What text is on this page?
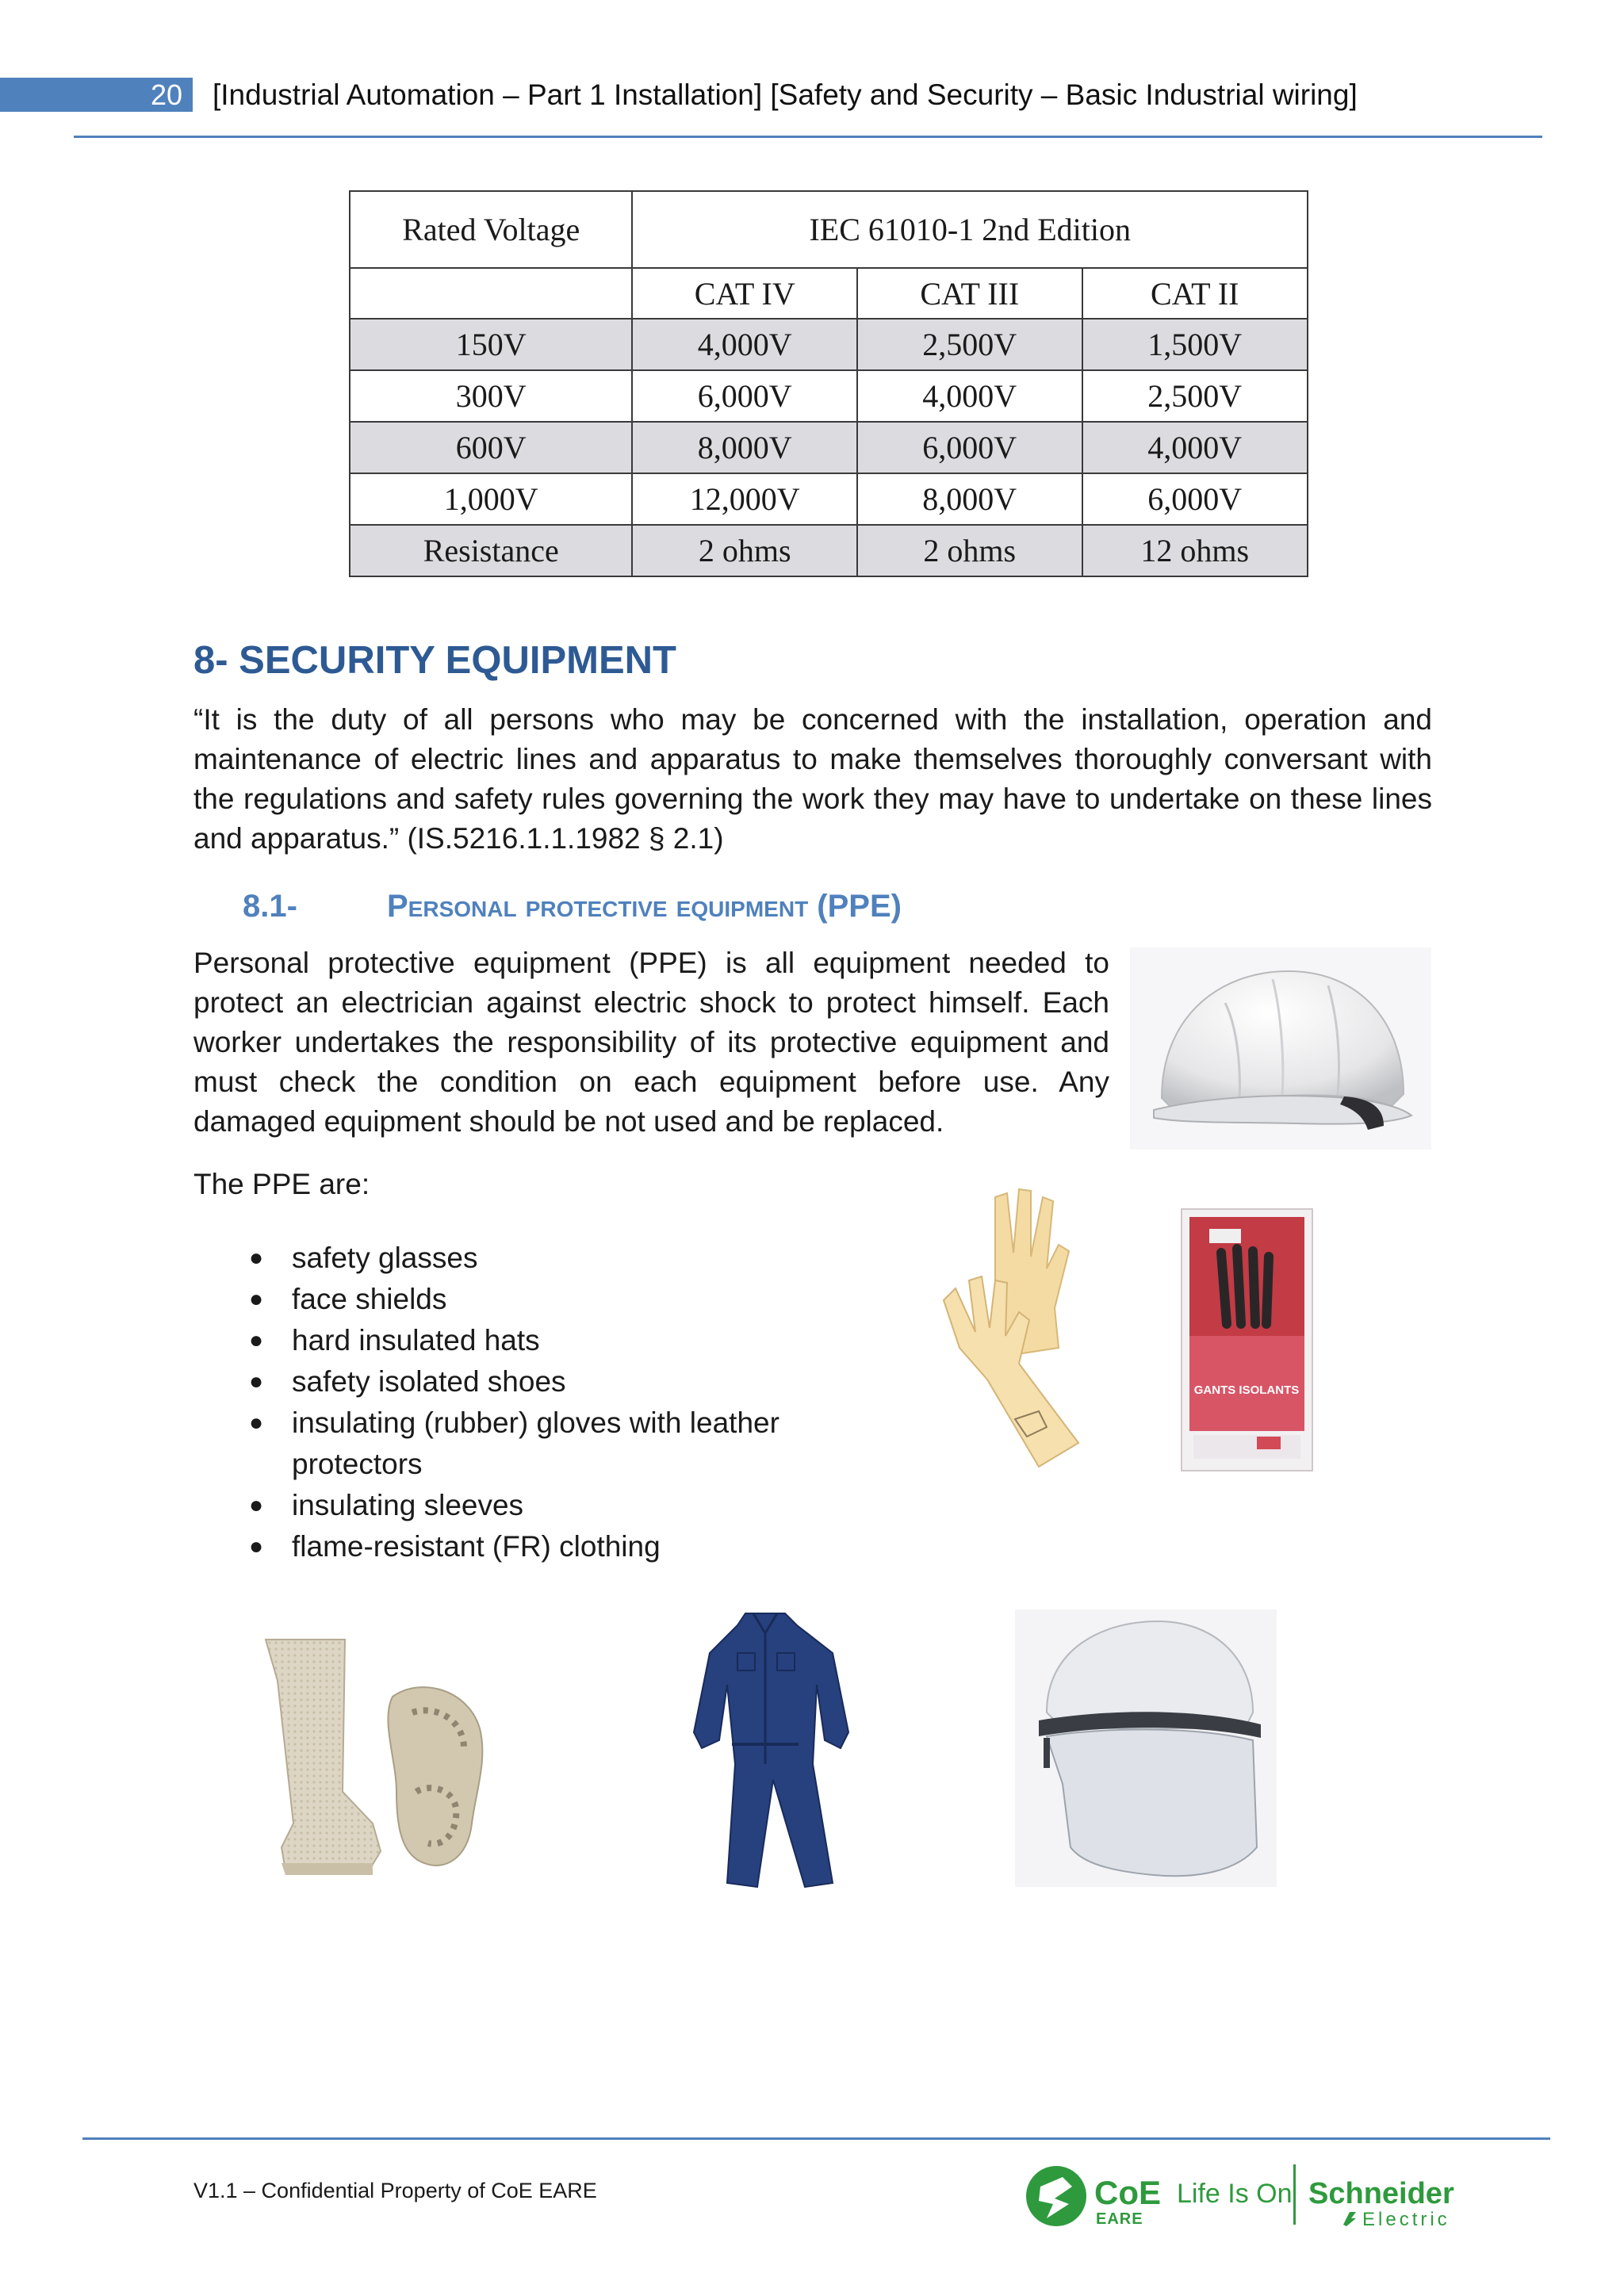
20 [Industrial Automation – Part 1 Installation] [Safety and Security – Basic Industrial wiring]
Rated Voltage	IEC 61010-1 2nd Edition		
	CAT IV	CAT III	CAT II
150V	4,000V	2,500V	1,500V
300V	6,000V	4,000V	2,500V
600V	8,000V	6,000V	4,000V
1,000V	12,000V	8,000V	6,000V
Resistance	2 ohms	2 ohms	12 ohms
8- SECURITY EQUIPMENT

“It is the duty of all persons who may be concerned with the installation, operation and maintenance of electric lines and apparatus to make themselves thoroughly conversant with the regulations and safety rules governing the work they may have to undertake on these lines and apparatus.” (IS.5216.1.1.1982 § 2.1)

8.1-	Personal protective equipment (PPE)

Personal protective equipment (PPE) is all equipment needed to protect an electrician against electric shock to protect himself. Each worker undertakes the responsibility of its protective equipment and must check the condition on each equipment before use. Any damaged equipment should be not used and be replaced.

The PPE are:
● safety glasses
● face shields
● hard insulated hats
● safety isolated shoes
● insulating (rubber) gloves with leather protectors
● insulating sleeves
● flame-resistant (FR) clothing
GANTS ISOLANTS
V1.1 – Confidential Property of CoE EARE	CoE
EARE
Life Is On Schneider
Electric
